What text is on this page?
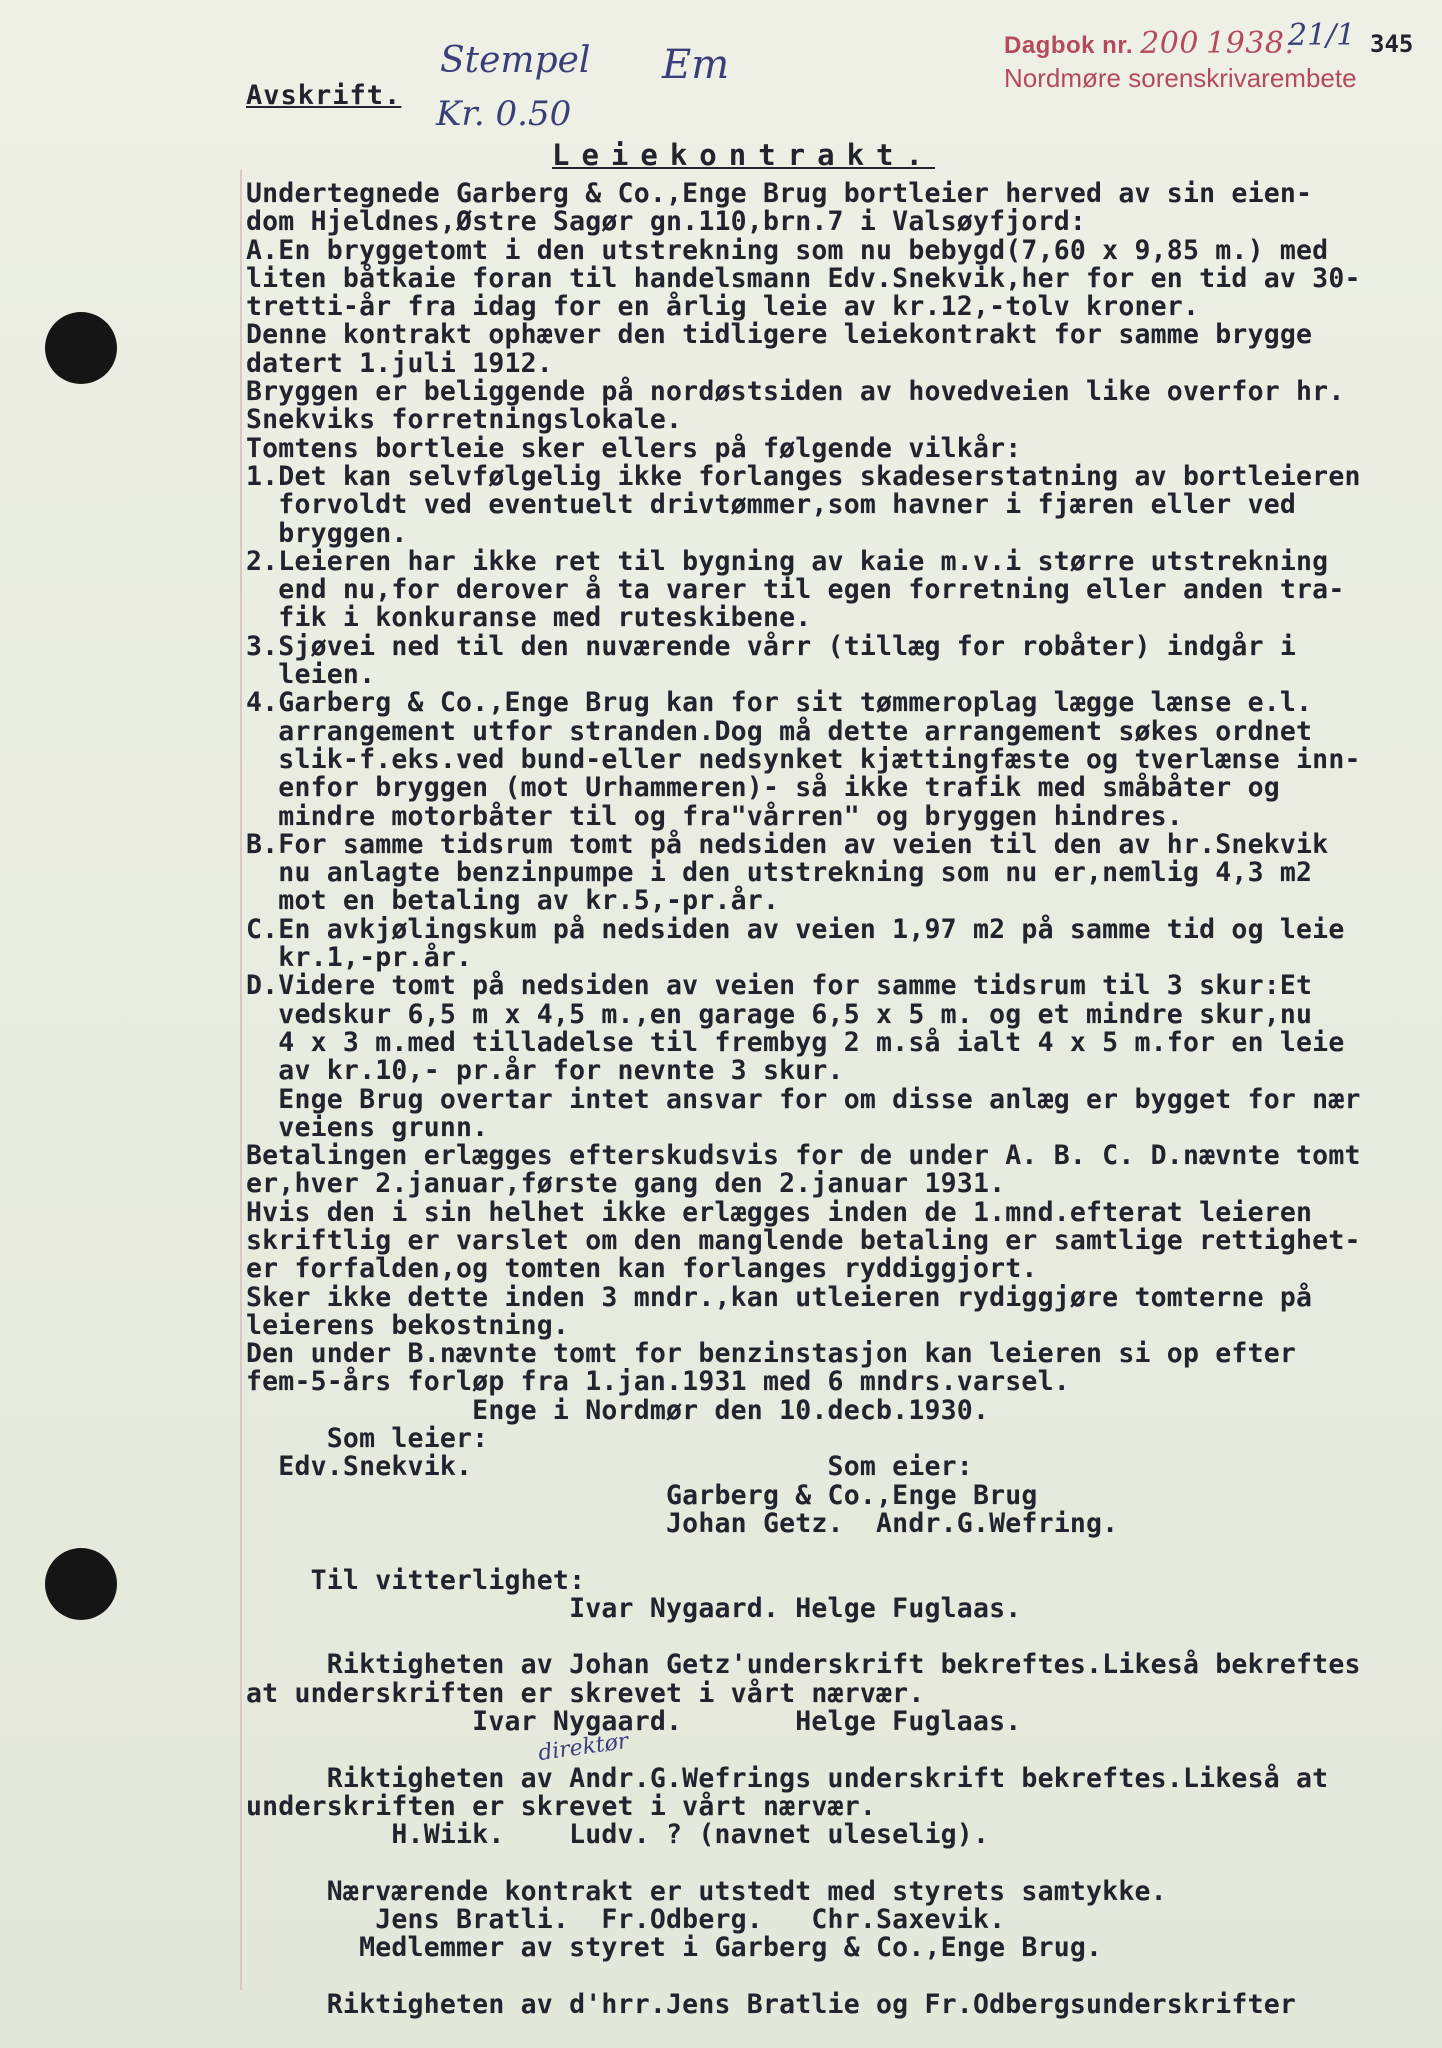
Avskrift.
Stempel
Kr. 0.50
Em	Dagbok nr. 200 1938.
Nordmøre sorenskrivarembete
21/1 345
Leiekontrakt.
Undertegnede Garberg & Co.,Enge Brug bortleier herved av sin eien-
dom Hjeldnes,Østre Sagør gn.110,brn.7 i Valsøyfjord:
A.En bryggetomt i den utstrekning som nu bebygd(7,60 x 9,85 m.) med
liten båtkaie foran til handelsmann Edv.Snekvik,her for en tid av 30-
tretti-år fra idag for en årlig leie av kr.12,-tolv kroner.
Denne kontrakt ophæver den tidligere leiekontrakt for samme brygge
datert 1.juli 1912.
Bryggen er beliggende på nordøstsiden av hovedveien like overfor hr.
Snekviks forretningslokale.
Tomtens bortleie sker ellers på følgende vilkår:
1.Det kan selvfølgelig ikke forlanges skadeserstatning av bortleieren
forvoldt ved eventuelt drivtømmer,som havner i fjæren eller ved
bryggen.
2.Leieren har ikke ret til bygning av kaie m.v.i større utstrekning
end nu,for derover å ta varer til egen forretning eller anden tra-
fik i konkuranse med ruteskibene.
3.Sjøvei ned til den nuværende vårr (tillæg for robåter) indgår i
leien.
4.Garberg & Co.,Enge Brug kan for sit tømmeroplag lægge lænse e.l.
arrangement utfor stranden.Dog må dette arrangement søkes ordnet
slik-f.eks.ved bund-eller nedsynket kjættingfæste og tverlænse inn-
enfor bryggen (mot Urhammeren)- så ikke trafik med småbåter og
mindre motorbåter til og fra"vårren" og bryggen hindres.
B.For samme tidsrum tomt på nedsiden av veien til den av hr.Snekvik
nu anlagte benzinpumpe i den utstrekning som nu er,nemlig 4,3 m2
mot en betaling av kr.5,-pr.år.
C.En avkjølingskum på nedsiden av veien 1,97 m2 på samme tid og leie
kr.1,-pr.år.
D.Videre tomt på nedsiden av veien for samme tidsrum til 3 skur:Et
vedskur 6,5 m x 4,5 m.,en garage 6,5 x 5 m. og et mindre skur,nu
4 x 3 m.med tilladelse til frembyg 2 m.så ialt 4 x 5 m.for en leie
av kr.10,- pr.år for nevnte 3 skur.
Enge Brug overtar intet ansvar for om disse anlæg er bygget for nær
veiens grunn.
Betalingen erlægges efterskudsvis for de under A. B. C. D.nævnte tomt
er,hver 2.januar,første gang den 2.januar 1931.
Hvis den i sin helhet ikke erlægges inden de 1.mnd.efterat leieren
skriftlig er varslet om den manglende betaling er samtlige rettighet-
er forfalden,og tomten kan forlanges ryddiggjort.
Sker ikke dette inden 3 mndr.,kan utleieren rydiggjøre tomterne på
leierens bekostning.
Den under B.nævnte tomt for benzinstasjon kan leieren si op efter
fem-5-års forløp fra 1.jan.1931 med 6 mndrs.varsel.
Enge i Nordmør den 10.decb.1930.
Som leier:
Edv.Snekvik.                      Som eier:
Garberg & Co.,Enge Brug
Johan Getz.  Andr.G.Wefring.
Til vitterlighet:
Ivar Nygaard. Helge Fuglaas.
Riktigheten av Johan Getz'underskrift bekreftes.Likeså bekreftes
at underskriften er skrevet i vårt nærvær.
Ivar Nygaard.       Helge Fuglaas.
Riktigheten av Andr.G.Wefrings underskrift bekreftes.Likeså at
underskriften er skrevet i vårt nærvær.
H.Wiik.    Ludv. ? (navnet uleselig).
Nærværende kontrakt er utstedt med styrets samtykke.
Jens Bratli.  Fr.Odberg.   Chr.Saxevik.
Medlemmer av styret i Garberg & Co.,Enge Brug.
Riktigheten av d'hrr.Jens Bratlie og Fr.Odbergsunderskrifter
direktør
